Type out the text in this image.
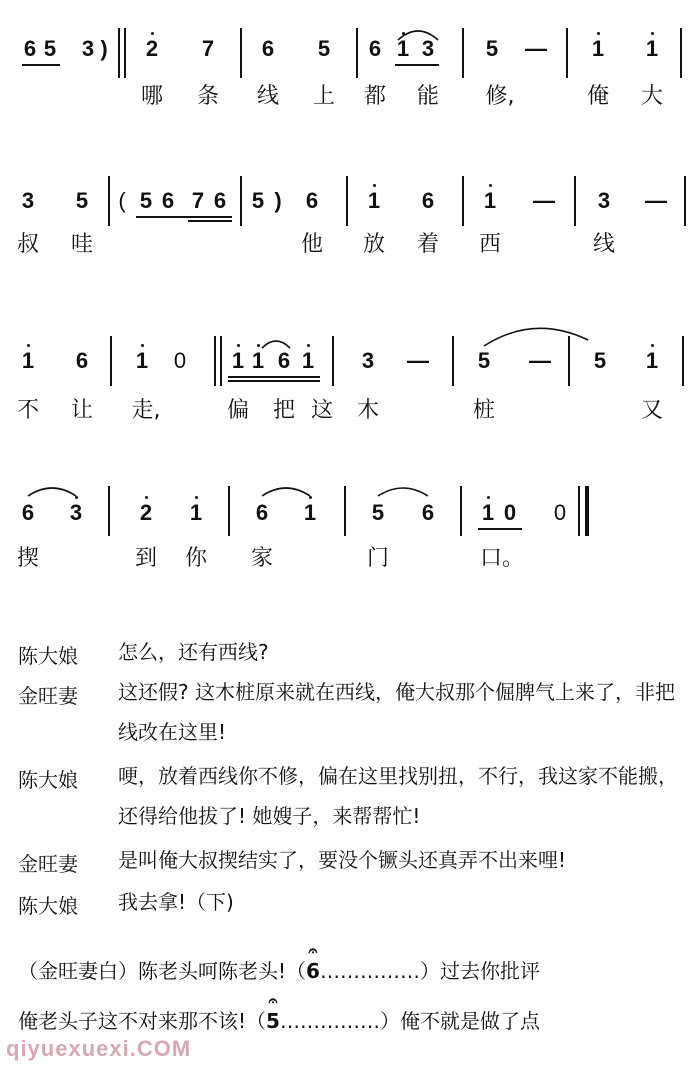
6 5 3 ) 2 7 6 5 6 1 3 5 — 1 1
哪 条 线 上 都 能 修,	俺 大
3 5 ( 5 6 7 6 5 ) 6 1 6 1 — 3 —
叔 哇	他 放 着 西	线
1 6 1 0 1 1 6 1 3 — 5 — 5 1
不 让 走,	偏 把 这 木	桩	又
6 3	2 1 6 1	5 6 1 0 0
揳	到 你 家	门	口。
陈大娘 怎么，还有西线?
金旺妻 这还假? 这木桩原来就在西线，俺大叔那个倔脾气上来了，非把线改在这里!
陈大娘 哽，放着西线你不修，偏在这里找别扭，不行，我这家不能搬，还得给他拔了! 她嫂子，来帮帮忙!
金旺妻 是叫俺大叔揳结实了，要没个镢头还真弄不出来哩!
陈大娘 我去拿!（下)
（金旺妻白）陈老头呵陈老头!（
𝄐
6……………）过去你批评
俺老头子这不对来那不该!（
𝄐
5……………）俺不就是做了点
qiyuexuexi.COM
